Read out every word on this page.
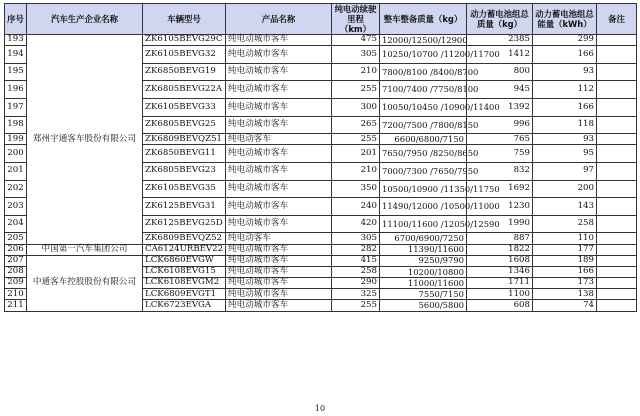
序号	汽车生产企业名称	车辆型号	产品名称	纯电动续驶里程（km）	整车整备质量（kg）	动力蓄电池组总质量（kg）	动力蓄电池组总能量（kWh）	备注
193	郑州宇通客车股份有限公司	ZK6105BEVG29C	纯电动城市客车	475	12000/12500/12900	2385	299	
194		ZK6105BEVG32	纯电动城市客车	305	10250/10700 /11200/11700	1412	166	
195		ZK6850BEVG19	纯电动城市客车	210	7800/8100 /8400/8700	800	93	
196		ZK6805BEVG22A	纯电动城市客车	255	7100/7400 /7750/8100	945	112	
197		ZK6105BEVG33	纯电动城市客车	300	10050/10450 /10900/11400	1392	166	
198		ZK6805BEVG25	纯电动城市客车	265	7200/7500 /7800/8150	996	118	
199		ZK6809BEVQZ51	纯电动客车	255	6600/6800/7150	765	93	
200		ZK6850BEVG11	纯电动城市客车	201	7650/7950 /8250/8650	759	95	
201		ZK6805BEVG23	纯电动城市客车	210	7000/7300 /7650/7950	832	97	
202		ZK6105BEVG35	纯电动城市客车	350	10500/10900 /11350/11750	1692	200	
203		ZK6125BEVG31	纯电动城市客车	240	11490/12000 /10500/11000	1230	143	
204		ZK6125BEVG25D	纯电动城市客车	420	11100/11600 /12050/12590	1990	258	
205		ZK6809BEVQZ52	纯电动客车	305	6700/6900/7250	887	110	
206	中国第一汽车集团公司	CA6124URBEV22	纯电动城市客车	282	11390/11600	1822	177	
207	中通客车控股股份有限公司	LCK6860EVGW	纯电动城市客车	415	9250/9790	1608	189	
208		LCK6108EVG15	纯电动城市客车	258	10200/10800	1346	166	
209		LCK6108EVGM2	纯电动城市客车	290	11000/11600	1711	173	
210		LCK6809EVGT1	纯电动城市客车	325	7550/7150	1100	138	
211		LCK6723EVGA	纯电动城市客车	255	5600/5800	608	74	
10
